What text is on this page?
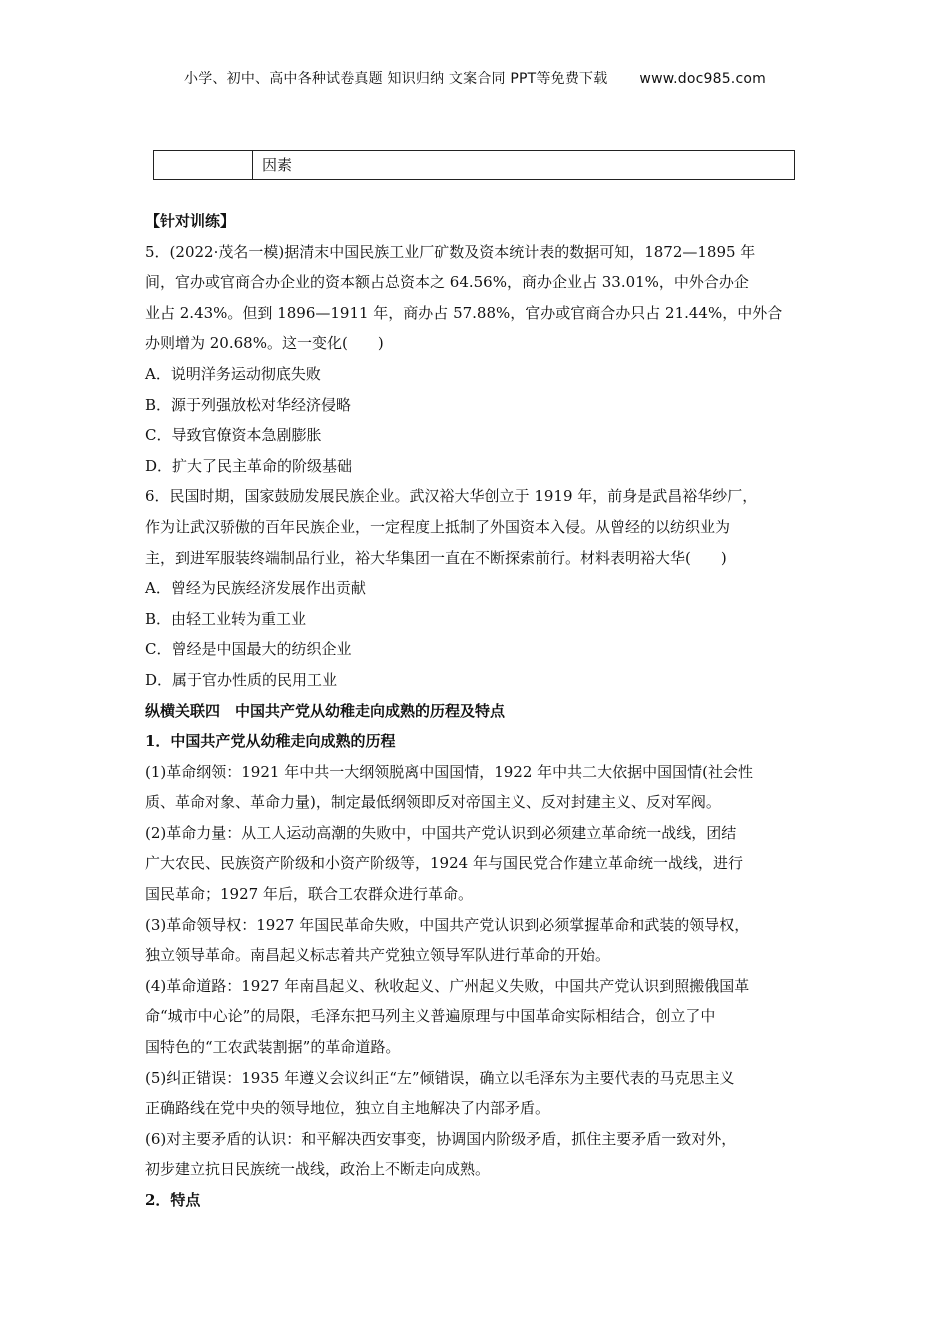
小学、初中、高中各种试卷真题 知识归纳 文案合同 PPT等免费下载 www.doc985.com
因素
【针对训练】
5．(2022·茂名一模)据清末中国民族工业厂矿数及资本统计表的数据可知，1872—1895 年
间，官办或官商合办企业的资本额占总资本之 64.56%，商办企业占 33.01%，中外合办企
业占 2.43%。但到 1896—1911 年，商办占 57.88%，官办或官商合办只占 21.44%，中外合
办则增为 20.68%。这一变化(　　)
A．说明洋务运动彻底失败
B．源于列强放松对华经济侵略
C．导致官僚资本急剧膨胀
D．扩大了民主革命的阶级基础
6．民国时期，国家鼓励发展民族企业。武汉裕大华创立于 1919 年，前身是武昌裕华纱厂，
作为让武汉骄傲的百年民族企业，一定程度上抵制了外国资本入侵。从曾经的以纺织业为
主，到进军服装终端制品行业，裕大华集团一直在不断探索前行。材料表明裕大华(　　)
A．曾经为民族经济发展作出贡献
B．由轻工业转为重工业
C．曾经是中国最大的纺织企业
D．属于官办性质的民用工业
纵横关联四　中国共产党从幼稚走向成熟的历程及特点
1．中国共产党从幼稚走向成熟的历程
(1)革命纲领：1921 年中共一大纲领脱离中国国情，1922 年中共二大依据中国国情(社会性
质、革命对象、革命力量)，制定最低纲领即反对帝国主义、反对封建主义、反对军阀。
(2)革命力量：从工人运动高潮的失败中，中国共产党认识到必须建立革命统一战线，团结
广大农民、民族资产阶级和小资产阶级等，1924 年与国民党合作建立革命统一战线，进行
国民革命；1927 年后，联合工农群众进行革命。
(3)革命领导权：1927 年国民革命失败，中国共产党认识到必须掌握革命和武装的领导权，
独立领导革命。南昌起义标志着共产党独立领导军队进行革命的开始。
(4)革命道路：1927 年南昌起义、秋收起义、广州起义失败，中国共产党认识到照搬俄国革
命“城市中心论”的局限，毛泽东把马列主义普遍原理与中国革命实际相结合，创立了中
国特色的“工农武装割据”的革命道路。
(5)纠正错误：1935 年遵义会议纠正“左”倾错误，确立以毛泽东为主要代表的马克思主义
正确路线在党中央的领导地位，独立自主地解决了内部矛盾。
(6)对主要矛盾的认识：和平解决西安事变，协调国内阶级矛盾，抓住主要矛盾一致对外，
初步建立抗日民族统一战线，政治上不断走向成熟。
2．特点
